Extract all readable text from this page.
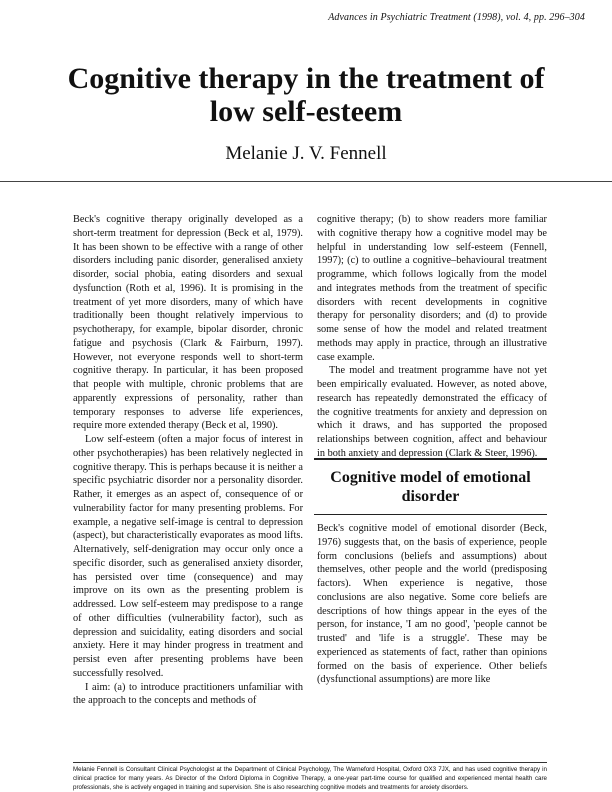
Advances in Psychiatric Treatment (1998), vol. 4, pp. 296–304
Cognitive therapy in the treatment of
low self-esteem
Melanie J. V. Fennell

Beck's cognitive therapy originally developed as a short-term treatment for depression (Beck et al, 1979). It has been shown to be effective with a range of other disorders including panic disorder, generalised anxiety disorder, social phobia, eating disorders and sexual dysfunction (Roth et al, 1996). It is promising in the treatment of yet more disorders, many of which have traditionally been thought relatively impervious to psychotherapy, for example, bipolar disorder, chronic fatigue and psychosis (Clark & Fairburn, 1997). However, not everyone responds well to short-term cognitive therapy. In particular, it has been proposed that people with multiple, chronic problems that are apparently expressions of personality, rather than temporary responses to adverse life experiences, require more extended therapy (Beck et al, 1990).

Low self-esteem (often a major focus of interest in other psychotherapies) has been relatively neglected in cognitive therapy. This is perhaps because it is neither a specific psychiatric disorder nor a personality disorder. Rather, it emerges as an aspect of, consequence of or vulnerability factor for many presenting problems. For example, a negative self-image is central to depression (aspect), but characteristically evaporates as mood lifts. Alternatively, self-denigration may occur only once a specific disorder, such as generalised anxiety disorder, has persisted over time (consequence) and may improve on its own as the presenting problem is addressed. Low self-esteem may predispose to a range of other difficulties (vulnerability factor), such as depression and suicidality, eating disorders and social anxiety. Here it may hinder progress in treatment and persist even after presenting problems have been successfully resolved.

I aim: (a) to introduce practitioners unfamiliar with the approach to the concepts and methods of

cognitive therapy; (b) to show readers more familiar with cognitive therapy how a cognitive model may be helpful in understanding low self-esteem (Fennell, 1997); (c) to outline a cognitive–behavioural treatment programme, which follows logically from the model and integrates methods from the treatment of specific disorders with recent developments in cognitive therapy for personality disorders; and (d) to provide some sense of how the model and related treatment methods may apply in practice, through an illustrative case example.

The model and treatment programme have not yet been empirically evaluated. However, as noted above, research has repeatedly demonstrated the efficacy of the cognitive treatments for anxiety and depression on which it draws, and has supported the proposed relationships between cognition, affect and behaviour in both anxiety and depression (Clark & Steer, 1996).

Cognitive model of emotional
disorder

Beck's cognitive model of emotional disorder (Beck, 1976) suggests that, on the basis of experience, people form conclusions (beliefs and assumptions) about themselves, other people and the world (predisposing factors). When experience is negative, those conclusions are also negative. Some core beliefs are descriptions of how things appear in the eyes of the person, for instance, 'I am no good', 'people cannot be trusted' and 'life is a struggle'. These may be experienced as statements of fact, rather than opinions formed on the basis of experience. Other beliefs (dysfunctional assumptions) are more like

Melanie Fennell is Consultant Clinical Psychologist at the Department of Clinical Psychology, The Warneford Hospital, Oxford OX3 7JX, and has used cognitive therapy in clinical practice for many years. As Director of the Oxford Diploma in Cognitive Therapy, a one-year part-time course for qualified and experienced mental health care professionals, she is actively engaged in training and supervision. She is also researching cognitive models and treatments for anxiety disorders.
